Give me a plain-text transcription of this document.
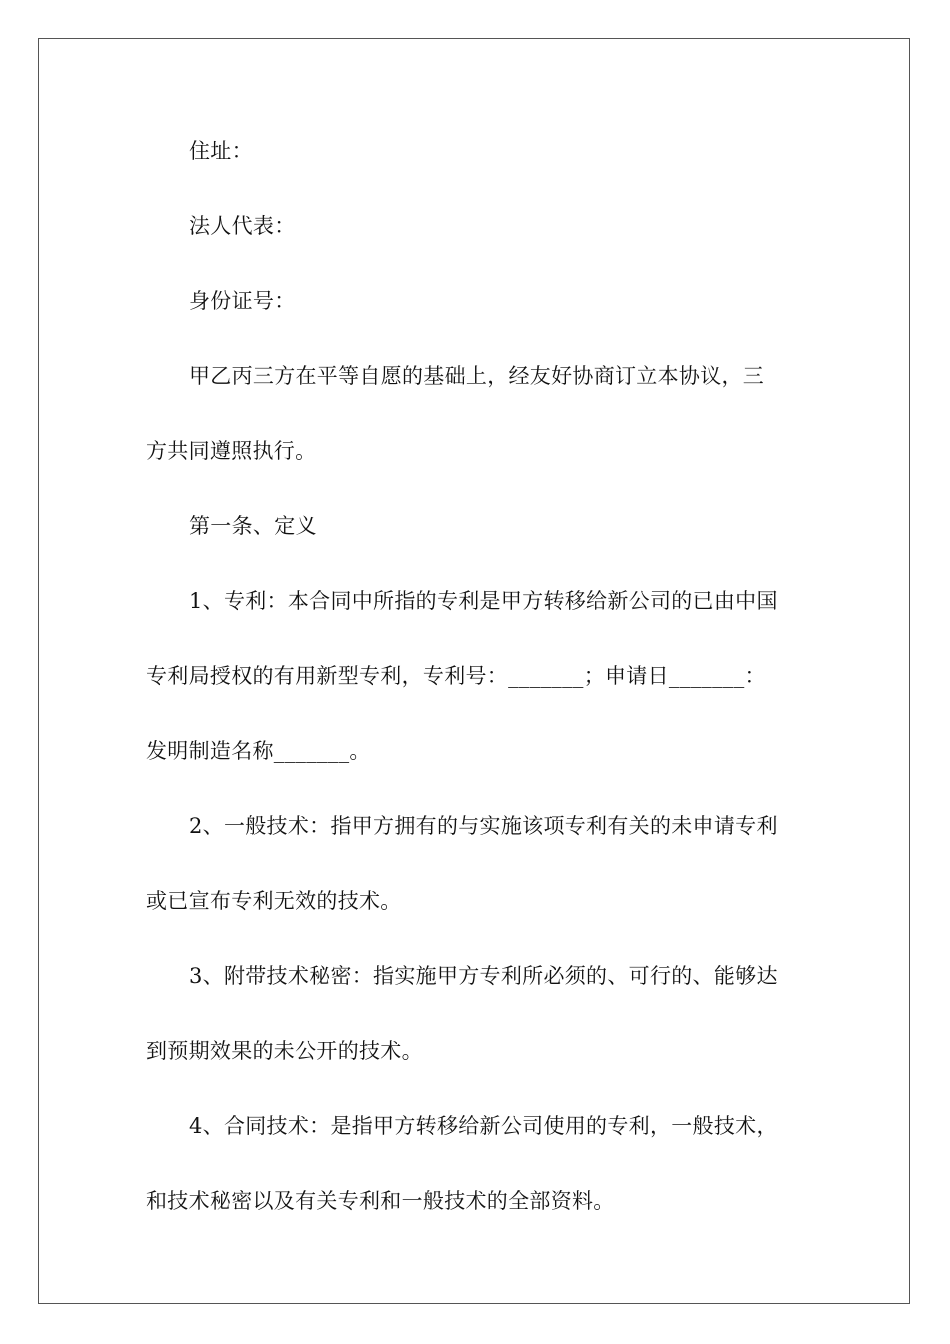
住址：
法人代表：
身份证号：
甲乙丙三方在平等自愿的基础上，经友好协商订立本协议，三
方共同遵照执行。
第一条、定义
1、专利：本合同中所指的专利是甲方转移给新公司的已由中国
专利局授权的有用新型专利，专利号：_______；申请日_______：
发明制造名称_______。
2、一般技术：指甲方拥有的与实施该项专利有关的未申请专利
或已宣布专利无效的技术。
3、附带技术秘密：指实施甲方专利所必须的、可行的、能够达
到预期效果的未公开的技术。
4、合同技术：是指甲方转移给新公司使用的专利，一般技术，
和技术秘密以及有关专利和一般技术的全部资料。
